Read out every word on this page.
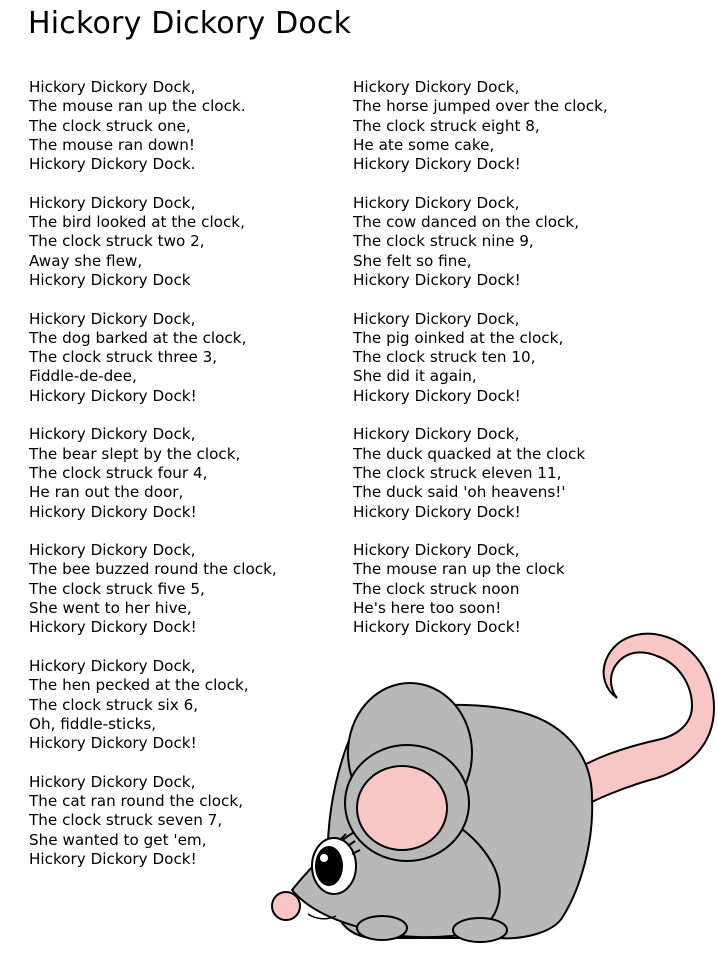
Hickory Dickory Dock

Hickory Dickory Dock,
The mouse ran up the clock.
The clock struck one,
The mouse ran down!
Hickory Dickory Dock.

Hickory Dickory Dock,
The bird looked at the clock,
The clock struck two 2,
Away she flew,
Hickory Dickory Dock

Hickory Dickory Dock,
The dog barked at the clock,
The clock struck three 3,
Fiddle-de-dee,
Hickory Dickory Dock!

Hickory Dickory Dock,
The bear slept by the clock,
The clock struck four 4,
He ran out the door,
Hickory Dickory Dock!

Hickory Dickory Dock,
The bee buzzed round the clock,
The clock struck five 5,
She went to her hive,
Hickory Dickory Dock!

Hickory Dickory Dock,
The hen pecked at the clock,
The clock struck six 6,
Oh, fiddle-sticks,
Hickory Dickory Dock!

Hickory Dickory Dock,
The cat ran round the clock,
The clock struck seven 7,
She wanted to get 'em,
Hickory Dickory Dock!

Hickory Dickory Dock,
The horse jumped over the clock,
The clock struck eight 8,
He ate some cake,
Hickory Dickory Dock!

Hickory Dickory Dock,
The cow danced on the clock,
The clock struck nine 9,
She felt so fine,
Hickory Dickory Dock!

Hickory Dickory Dock,
The pig oinked at the clock,
The clock struck ten 10,
She did it again,
Hickory Dickory Dock!

Hickory Dickory Dock,
The duck quacked at the clock
The clock struck eleven 11,
The duck said 'oh heavens!'
Hickory Dickory Dock!

Hickory Dickory Dock,
The mouse ran up the clock
The clock struck noon
He's here too soon!
Hickory Dickory Dock!
